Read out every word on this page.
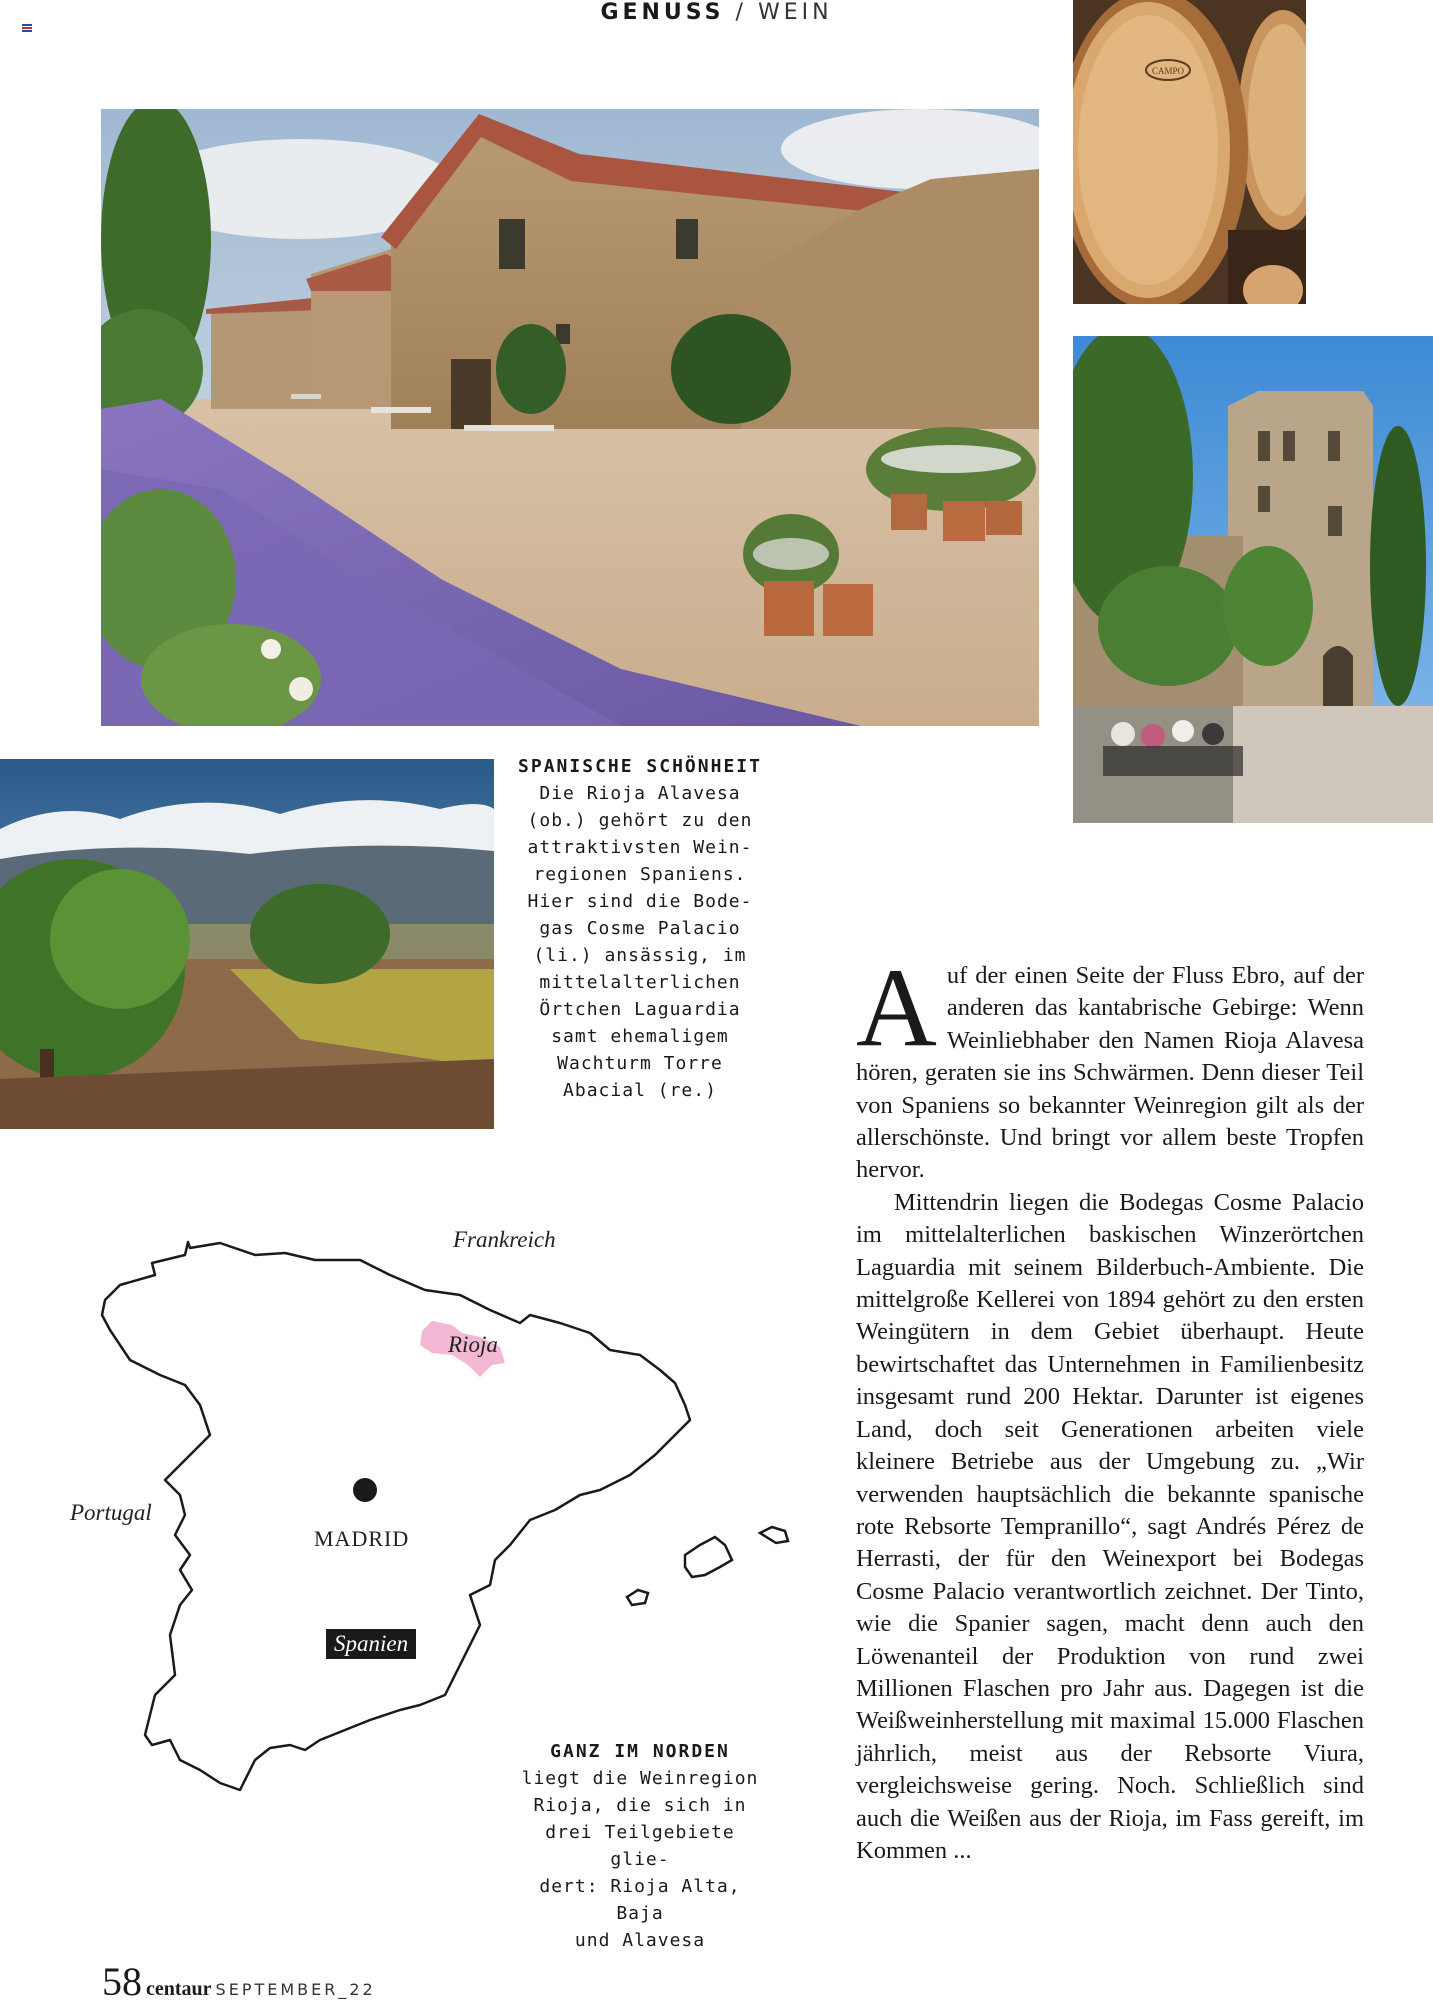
GENUSS / WEIN
CAMPO
SPANISCHE SCHÖNHEIT
Die Rioja Alavesa
(ob.) gehört zu den
attraktivsten Wein-
regionen Spaniens.
Hier sind die Bode-
gas Cosme Palacio
(li.) ansässig, im
mittelalterlichen
Örtchen Laguardia
samt ehemaligem
Wachturm Torre
Abacial (re.)
Frankreich
Rioja
Portugal
MADRID
Spanien
GANZ IM NORDEN
liegt die Weinregion
Rioja, die sich in
drei Teilgebiete glie-
dert: Rioja Alta, Baja
und Alavesa

Auf der einen Seite der Fluss Ebro, auf der anderen das kantabrische Gebirge: Wenn Weinliebhaber den Namen Rioja Alavesa hören, geraten sie ins Schwärmen. Denn dieser Teil von Spaniens so bekannter Weinregion gilt als der allerschönste. Und bringt vor allem beste Tropfen hervor.

Mittendrin liegen die Bodegas Cosme Palacio im mittelalterlichen baskischen Winzerörtchen Laguardia mit seinem Bilderbuch-Ambiente. Die mittelgroße Kellerei von 1894 gehört zu den ersten Weingütern in dem Gebiet überhaupt. Heute bewirtschaftet das Unternehmen in Familienbesitz insgesamt rund 200 Hektar. Darunter ist eigenes Land, doch seit Generationen arbeiten viele kleinere Betriebe aus der Umgebung zu. „Wir verwenden hauptsächlich die bekannte spanische rote Rebsorte Tempranillo“, sagt Andrés Pérez de Herrasti, der für den Weinexport bei Bodegas Cosme Palacio verantwortlich zeichnet. Der Tinto, wie die Spanier sagen, macht denn auch den Löwenanteil der Produktion von rund zwei Millionen Flaschen pro Jahr aus. Dagegen ist die Weißweinherstellung mit maximal 15.000 Flaschen jährlich, meist aus der Rebsorte Viura, vergleichsweise gering. Noch. Schließlich sind auch die Weißen aus der Rioja, im Fass gereift, im Kommen ...

58 centaur SEPTEMBER_22
